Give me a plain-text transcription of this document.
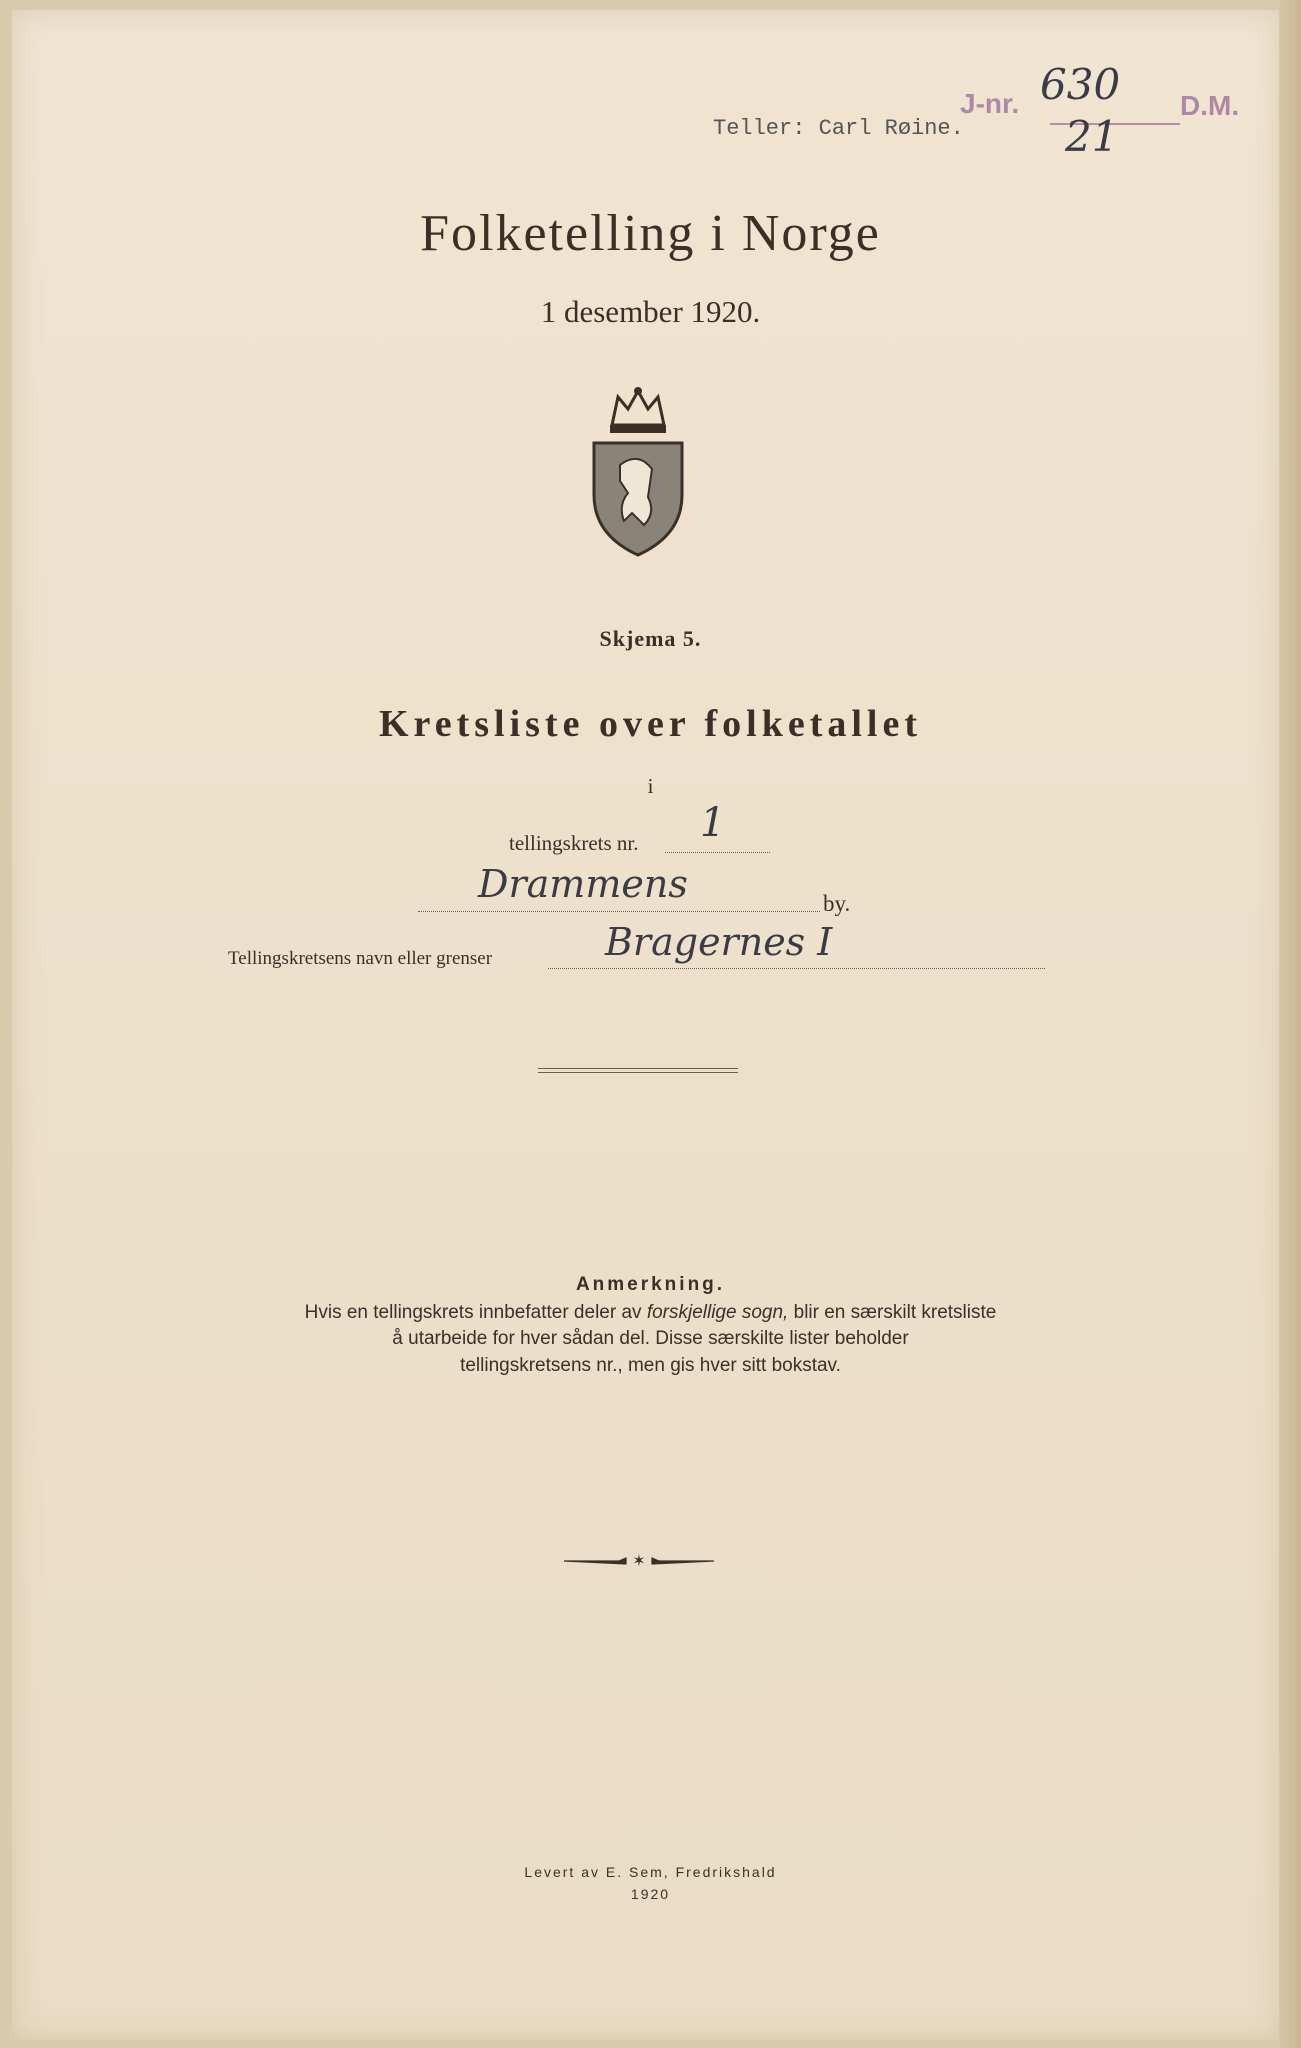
Teller: Carl Røine.
J-nr. 630
21
D.M.
Folketelling i Norge
1 desember 1920.
Skjema 5.
Kretsliste over folketallet
i
tellingskrets nr. 1
Drammens	by.
Tellingskretsens navn eller grenser	Bragernes I
Anmerkning.
Hvis en tellingskrets innbefatter deler av forskjellige sogn, blir en særskilt kretsliste
å utarbeide for hver sådan del. Disse særskilte lister beholder
tellingskretsens nr., men gis hver sitt bokstav.
✶
Levert av E. Sem, Fredrikshald
1920
